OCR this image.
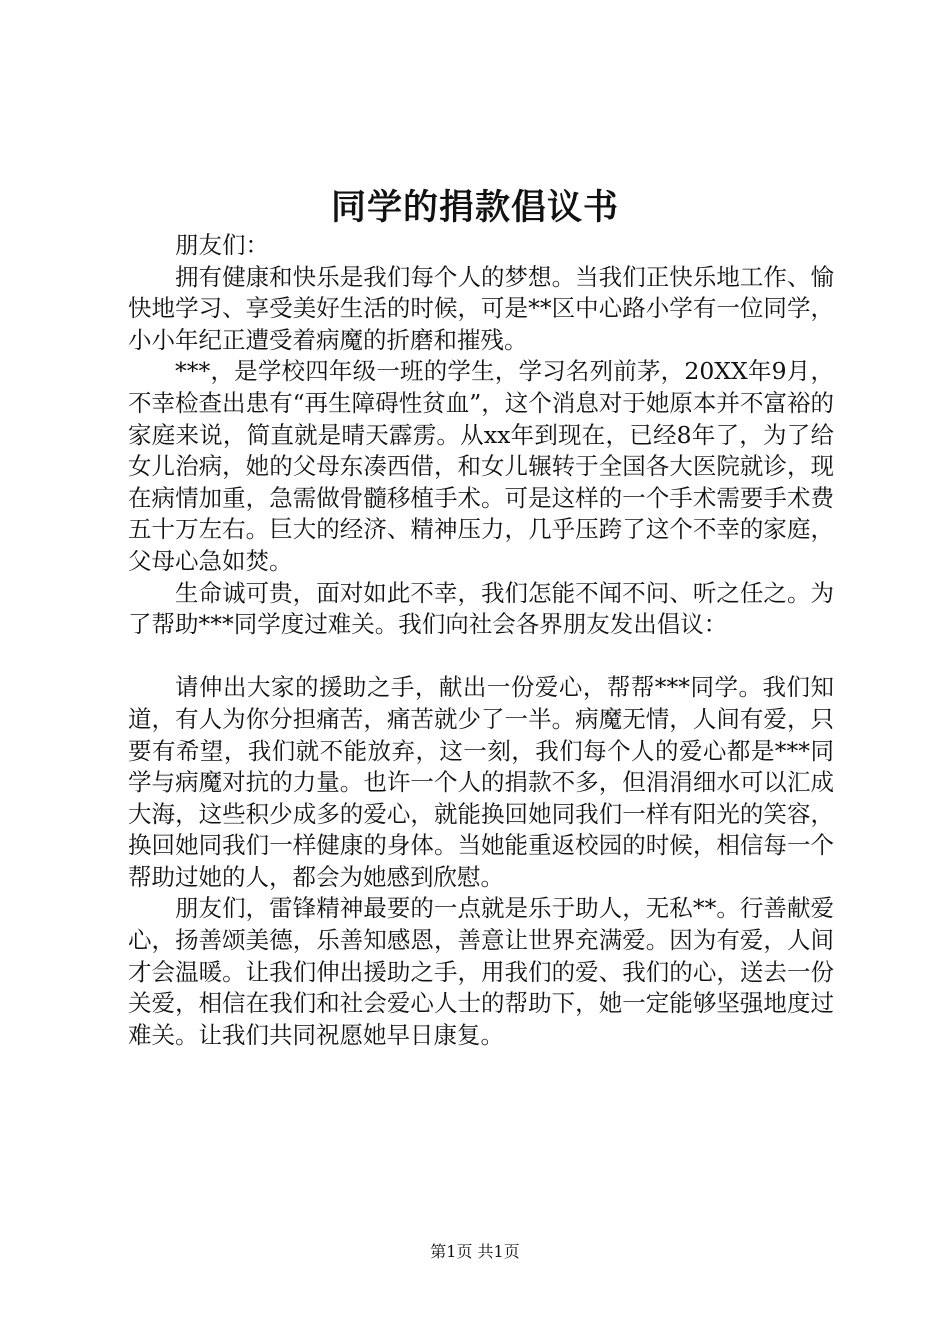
同学的捐款倡议书

朋友们：

拥有健康和快乐是我们每个人的梦想。当我们正快乐地工作、愉快地学习、享受美好生活的时候，可是**区中心路小学有一位同学，小小年纪正遭受着病魔的折磨和摧残。

***，是学校四年级一班的学生，学习名列前茅，20XX年9月，不幸检查出患有“再生障碍性贫血”，这个消息对于她原本并不富裕的家庭来说，简直就是晴天霹雳。从xx年到现在，已经8年了，为了给女儿治病，她的父母东凑西借，和女儿辗转于全国各大医院就诊，现在病情加重，急需做骨髓移植手术。可是这样的一个手术需要手术费五十万左右。巨大的经济、精神压力，几乎压跨了这个不幸的家庭，父母心急如焚。

生命诚可贵，面对如此不幸，我们怎能不闻不问、听之任之。为了帮助***同学度过难关。我们向社会各界朋友发出倡议：

请伸出大家的援助之手，献出一份爱心，帮帮***同学。我们知道，有人为你分担痛苦，痛苦就少了一半。病魔无情，人间有爱，只要有希望，我们就不能放弃，这一刻，我们每个人的爱心都是***同学与病魔对抗的力量。也许一个人的捐款不多，但涓涓细水可以汇成大海，这些积少成多的爱心，就能换回她同我们一样有阳光的笑容，换回她同我们一样健康的身体。当她能重返校园的时候，相信每一个帮助过她的人，都会为她感到欣慰。

朋友们，雷锋精神最要的一点就是乐于助人，无私**。行善献爱心，扬善颂美德，乐善知感恩，善意让世界充满爱。因为有爱，人间才会温暖。让我们伸出援助之手，用我们的爱、我们的心，送去一份关爱，相信在我们和社会爱心人士的帮助下，她一定能够坚强地度过难关。让我们共同祝愿她早日康复。

第1页 共1页
